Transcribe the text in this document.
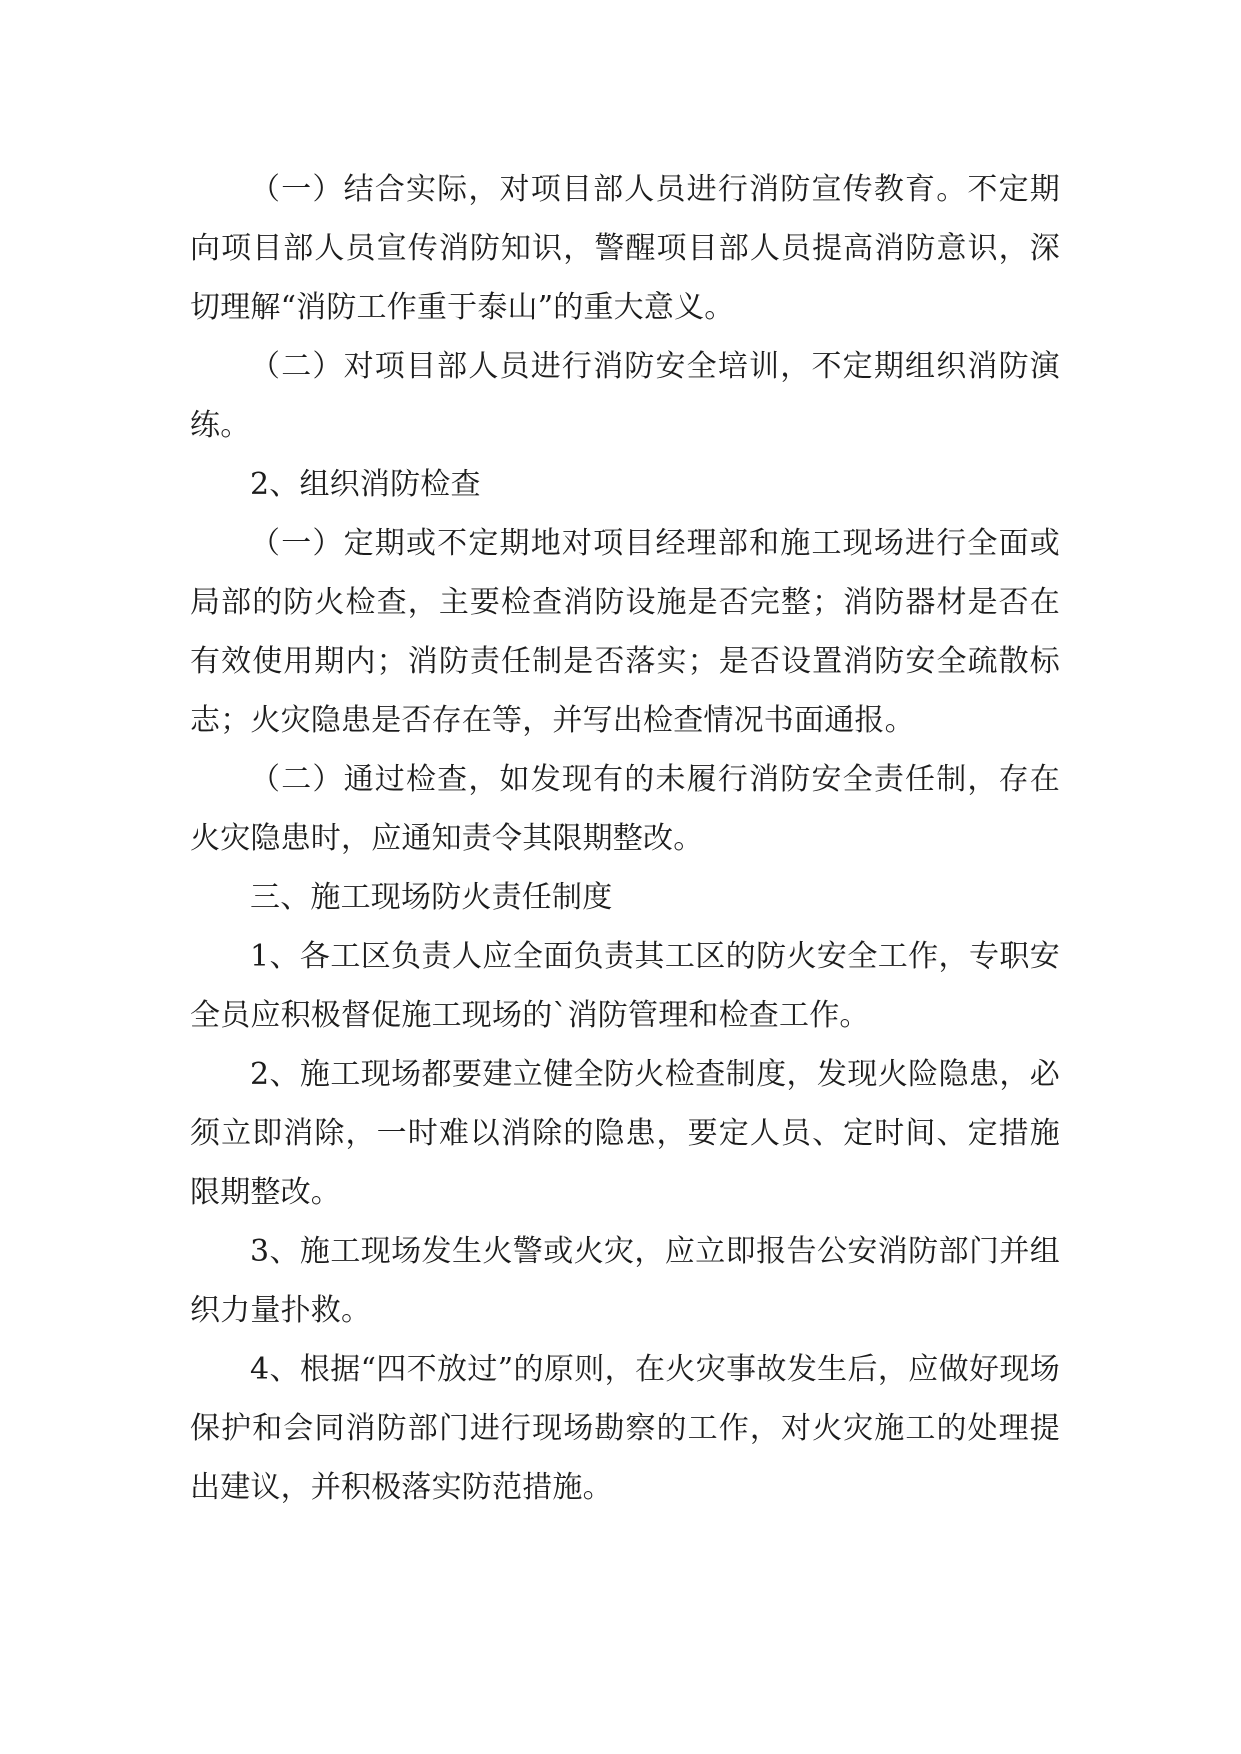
（一）结合实际，对项目部人员进行消防宣传教育。不定期向项目部人员宣传消防知识，警醒项目部人员提高消防意识，深切理解“消防工作重于泰山”的重大意义。

（二）对项目部人员进行消防安全培训，不定期组织消防演练。

2、组织消防检查

（一）定期或不定期地对项目经理部和施工现场进行全面或局部的防火检查，主要检查消防设施是否完整；消防器材是否在有效使用期内；消防责任制是否落实；是否设置消防安全疏散标志；火灾隐患是否存在等，并写出检查情况书面通报。

（二）通过检查，如发现有的未履行消防安全责任制，存在火灾隐患时，应通知责令其限期整改。

三、施工现场防火责任制度

1、各工区负责人应全面负责其工区的防火安全工作，专职安全员应积极督促施工现场的`消防管理和检查工作。

2、施工现场都要建立健全防火检查制度，发现火险隐患，必须立即消除，一时难以消除的隐患，要定人员、定时间、定措施限期整改。

3、施工现场发生火警或火灾，应立即报告公安消防部门并组织力量扑救。

4、根据“四不放过”的原则，在火灾事故发生后，应做好现场保护和会同消防部门进行现场勘察的工作，对火灾施工的处理提出建议，并积极落实防范措施。
